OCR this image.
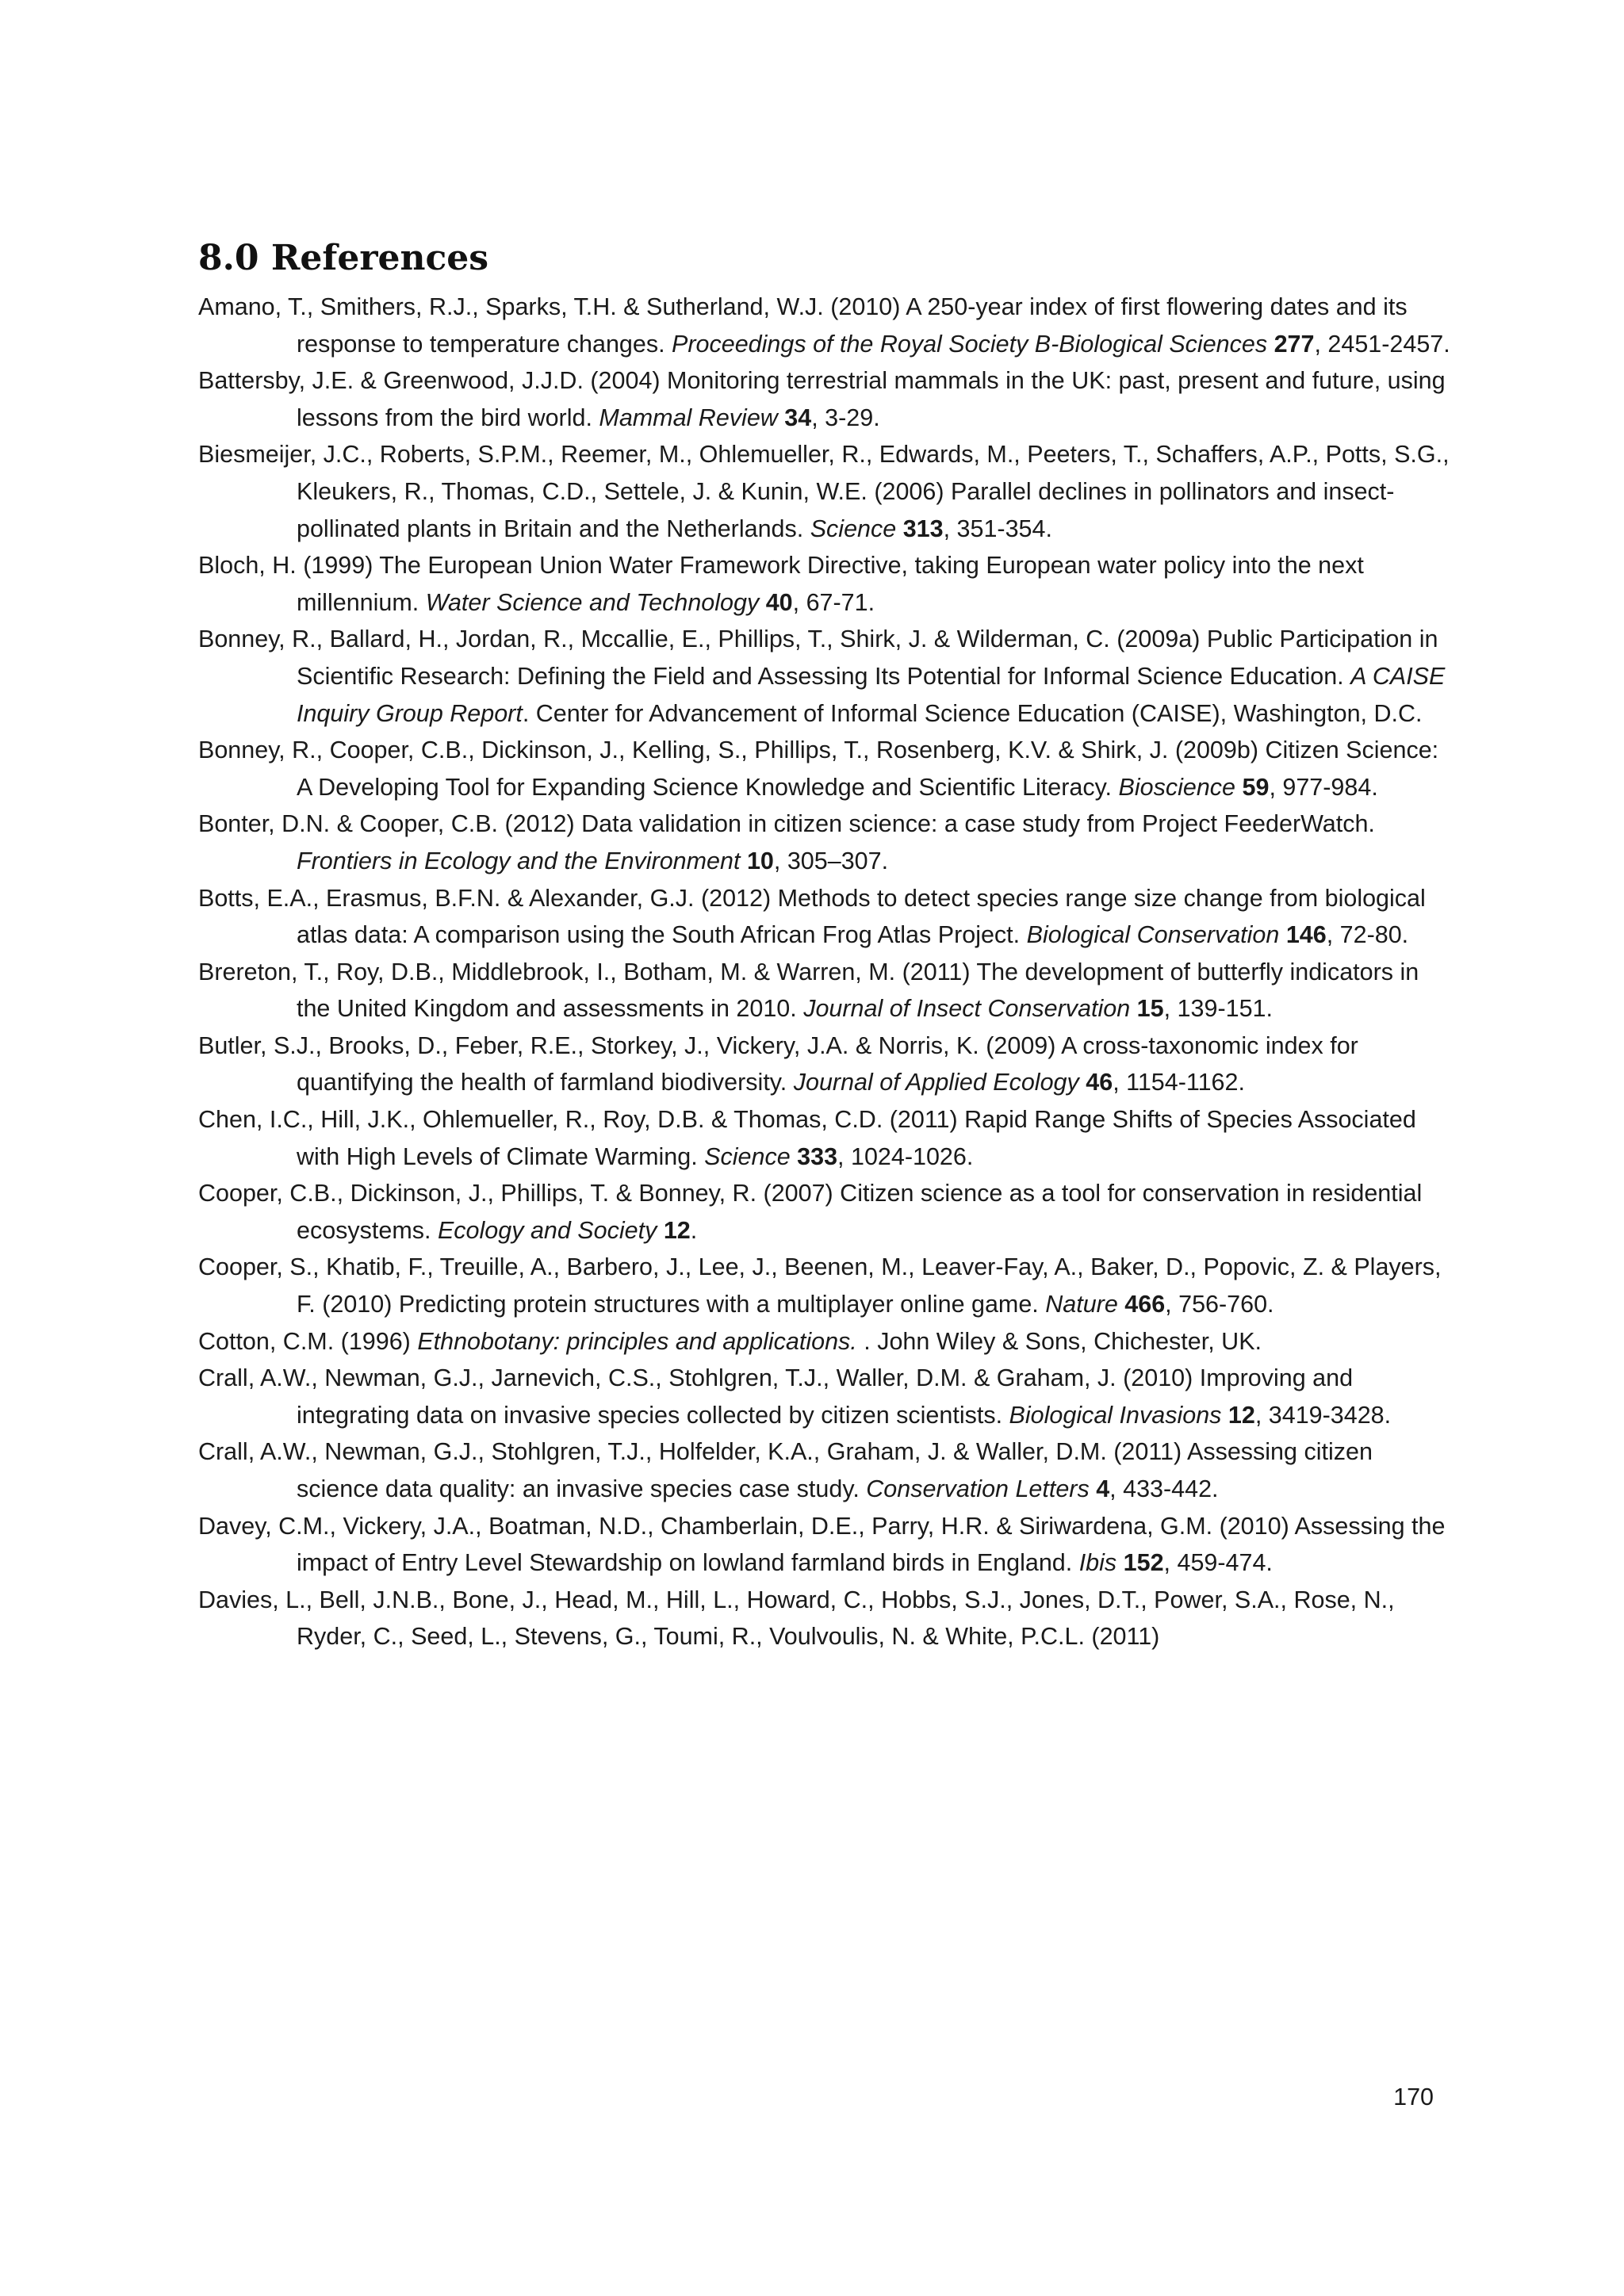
8.0 References
Amano, T., Smithers, R.J., Sparks, T.H. & Sutherland, W.J. (2010) A 250-year index of first flowering dates and its response to temperature changes. Proceedings of the Royal Society B-Biological Sciences 277, 2451-2457.
Battersby, J.E. & Greenwood, J.J.D. (2004) Monitoring terrestrial mammals in the UK: past, present and future, using lessons from the bird world. Mammal Review 34, 3-29.
Biesmeijer, J.C., Roberts, S.P.M., Reemer, M., Ohlemueller, R., Edwards, M., Peeters, T., Schaffers, A.P., Potts, S.G., Kleukers, R., Thomas, C.D., Settele, J. & Kunin, W.E. (2006) Parallel declines in pollinators and insect-pollinated plants in Britain and the Netherlands. Science 313, 351-354.
Bloch, H. (1999) The European Union Water Framework Directive, taking European water policy into the next millennium. Water Science and Technology 40, 67-71.
Bonney, R., Ballard, H., Jordan, R., Mccallie, E., Phillips, T., Shirk, J. & Wilderman, C. (2009a) Public Participation in Scientific Research: Defining the Field and Assessing Its Potential for Informal Science Education. A CAISE Inquiry Group Report. Center for Advancement of Informal Science Education (CAISE), Washington, D.C.
Bonney, R., Cooper, C.B., Dickinson, J., Kelling, S., Phillips, T., Rosenberg, K.V. & Shirk, J. (2009b) Citizen Science: A Developing Tool for Expanding Science Knowledge and Scientific Literacy. Bioscience 59, 977-984.
Bonter, D.N. & Cooper, C.B. (2012) Data validation in citizen science: a case study from Project FeederWatch. Frontiers in Ecology and the Environment 10, 305–307.
Botts, E.A., Erasmus, B.F.N. & Alexander, G.J. (2012) Methods to detect species range size change from biological atlas data: A comparison using the South African Frog Atlas Project. Biological Conservation 146, 72-80.
Brereton, T., Roy, D.B., Middlebrook, I., Botham, M. & Warren, M. (2011) The development of butterfly indicators in the United Kingdom and assessments in 2010. Journal of Insect Conservation 15, 139-151.
Butler, S.J., Brooks, D., Feber, R.E., Storkey, J., Vickery, J.A. & Norris, K. (2009) A cross-taxonomic index for quantifying the health of farmland biodiversity. Journal of Applied Ecology 46, 1154-1162.
Chen, I.C., Hill, J.K., Ohlemueller, R., Roy, D.B. & Thomas, C.D. (2011) Rapid Range Shifts of Species Associated with High Levels of Climate Warming. Science 333, 1024-1026.
Cooper, C.B., Dickinson, J., Phillips, T. & Bonney, R. (2007) Citizen science as a tool for conservation in residential ecosystems. Ecology and Society 12.
Cooper, S., Khatib, F., Treuille, A., Barbero, J., Lee, J., Beenen, M., Leaver-Fay, A., Baker, D., Popovic, Z. & Players, F. (2010) Predicting protein structures with a multiplayer online game. Nature 466, 756-760.
Cotton, C.M. (1996) Ethnobotany: principles and applications. . John Wiley & Sons, Chichester, UK.
Crall, A.W., Newman, G.J., Jarnevich, C.S., Stohlgren, T.J., Waller, D.M. & Graham, J. (2010) Improving and integrating data on invasive species collected by citizen scientists. Biological Invasions 12, 3419-3428.
Crall, A.W., Newman, G.J., Stohlgren, T.J., Holfelder, K.A., Graham, J. & Waller, D.M. (2011) Assessing citizen science data quality: an invasive species case study. Conservation Letters 4, 433-442.
Davey, C.M., Vickery, J.A., Boatman, N.D., Chamberlain, D.E., Parry, H.R. & Siriwardena, G.M. (2010) Assessing the impact of Entry Level Stewardship on lowland farmland birds in England. Ibis 152, 459-474.
Davies, L., Bell, J.N.B., Bone, J., Head, M., Hill, L., Howard, C., Hobbs, S.J., Jones, D.T., Power, S.A., Rose, N., Ryder, C., Seed, L., Stevens, G., Toumi, R., Voulvoulis, N. & White, P.C.L. (2011)
170
